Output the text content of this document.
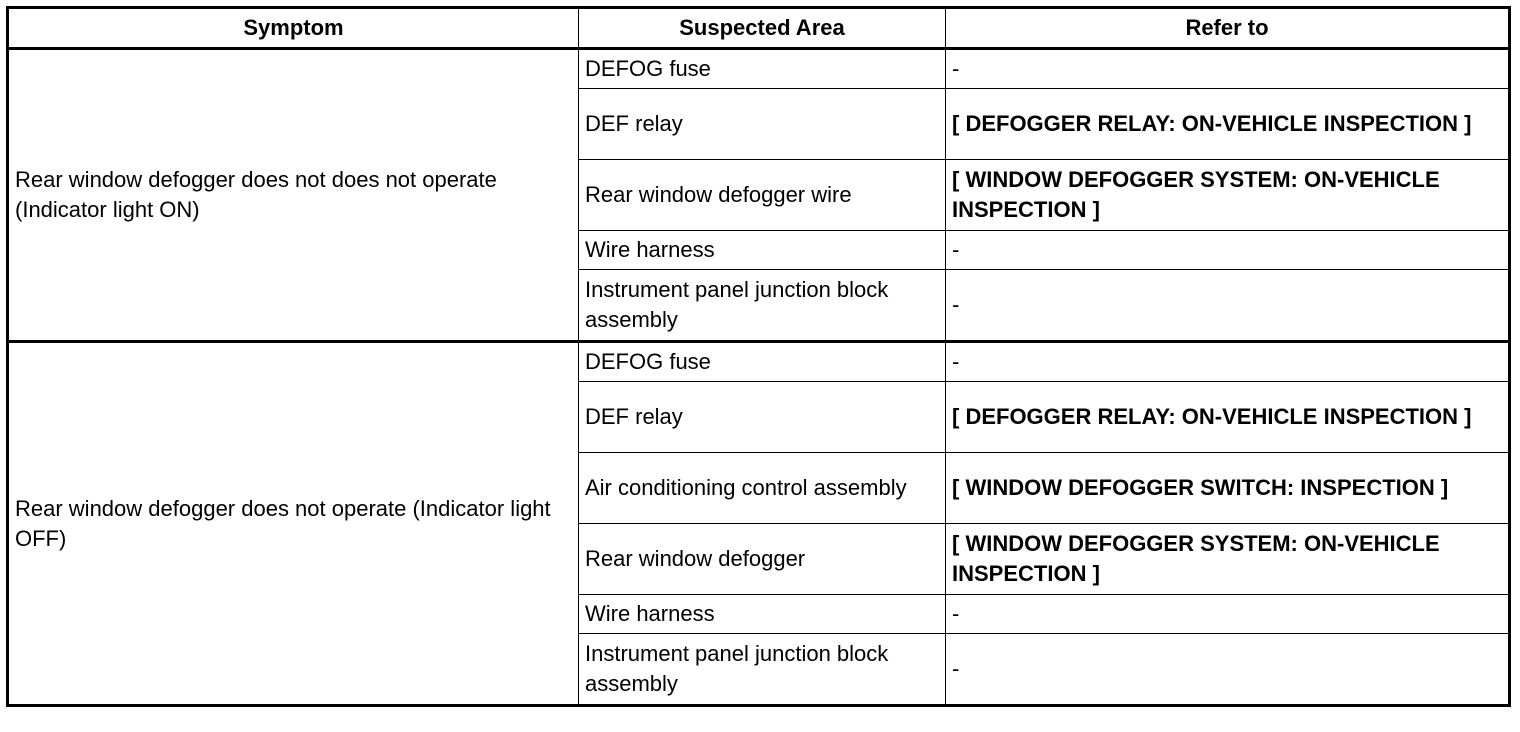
Symptom	Suspected Area	Refer to
Rear window defogger does not does not operate (Indicator light ON)	DEFOG fuse	-
	DEF relay	[ DEFOGGER RELAY: ON-VEHICLE INSPECTION ]
	Rear window defogger wire	[ WINDOW DEFOGGER SYSTEM: ON-VEHICLE INSPECTION ]
	Wire harness	-
	Instrument panel junction block assembly	-
Rear window defogger does not operate (Indicator light OFF)	DEFOG fuse	-
	DEF relay	[ DEFOGGER RELAY: ON-VEHICLE INSPECTION ]
	Air conditioning control assembly	[ WINDOW DEFOGGER SWITCH: INSPECTION ]
	Rear window defogger	[ WINDOW DEFOGGER SYSTEM: ON-VEHICLE INSPECTION ]
	Wire harness	-
	Instrument panel junction block assembly	-
